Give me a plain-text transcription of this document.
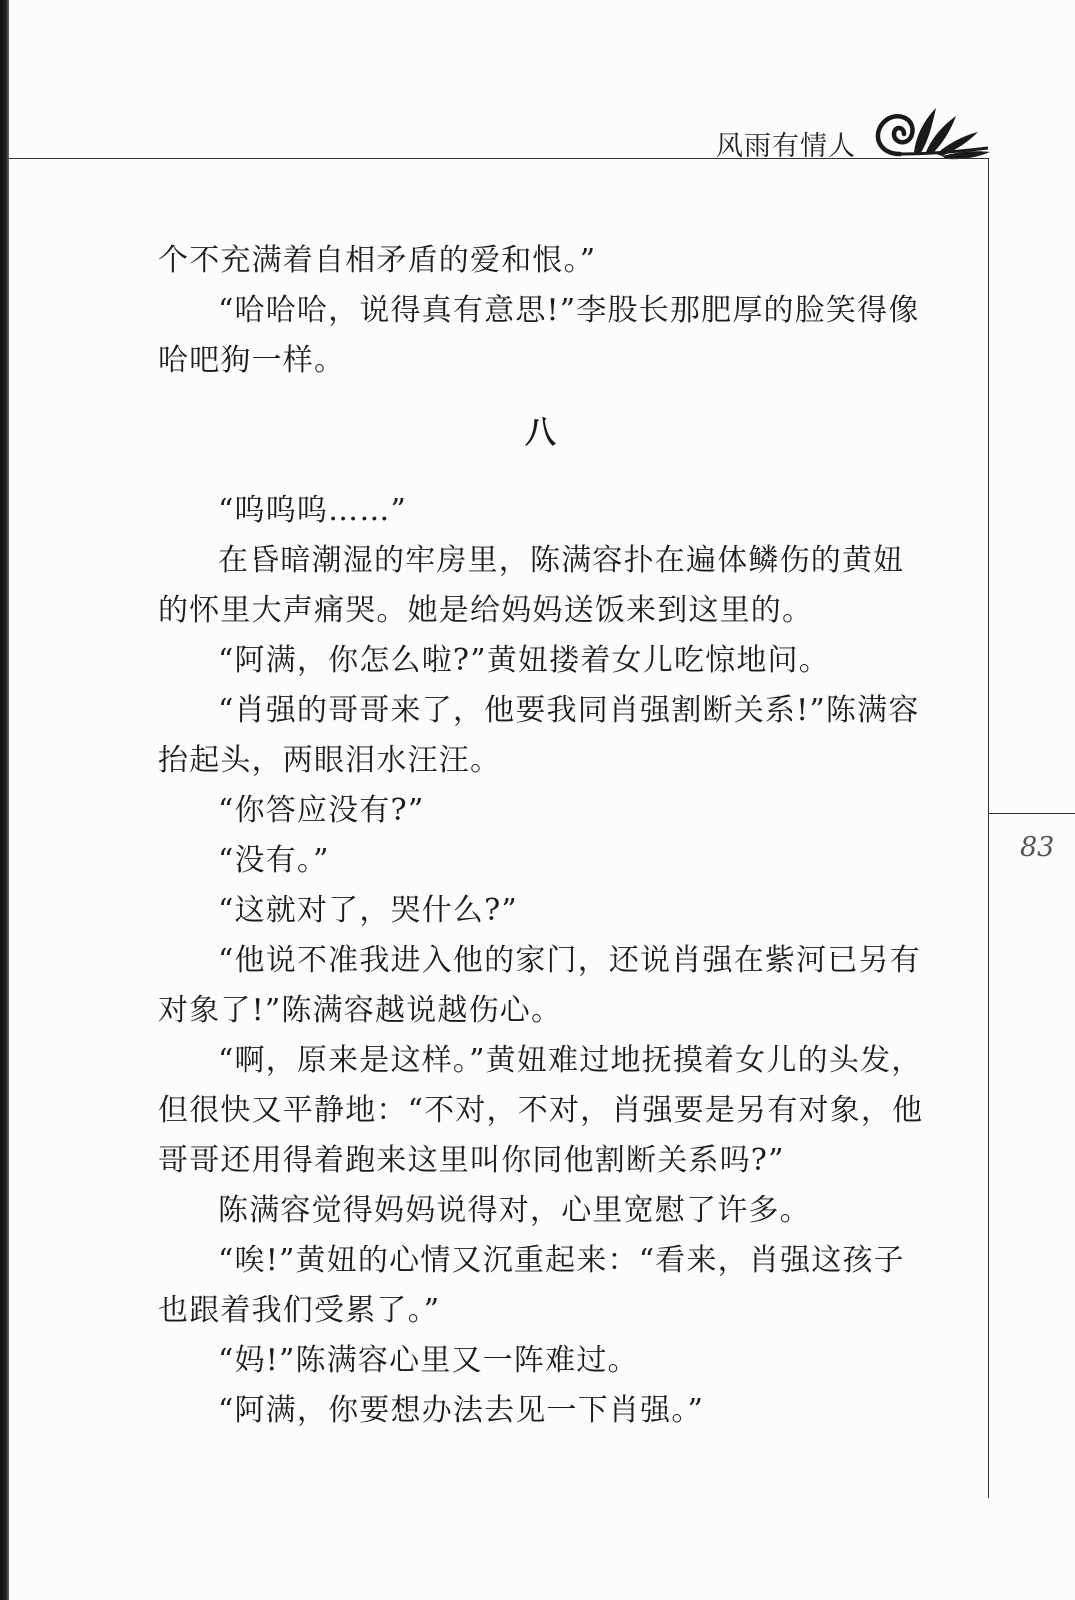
风雨有情人
83

个不充满着自相矛盾的爱和恨。”

“哈哈哈，说得真有意思!”李股长那肥厚的脸笑得像哈吧狗一样。

八

“呜呜呜……”

在昏暗潮湿的牢房里，陈满容扑在遍体鳞伤的黄妞的怀里大声痛哭。她是给妈妈送饭来到这里的。

“阿满，你怎么啦?”黄妞搂着女儿吃惊地问。

“肖强的哥哥来了，他要我同肖强割断关系!”陈满容抬起头，两眼泪水汪汪。

“你答应没有?”

“没有。”

“这就对了，哭什么?”

“他说不准我进入他的家门，还说肖强在紫河已另有对象了!”陈满容越说越伤心。

“啊，原来是这样。”黄妞难过地抚摸着女儿的头发，但很快又平静地：“不对，不对，肖强要是另有对象，他哥哥还用得着跑来这里叫你同他割断关系吗?”

陈满容觉得妈妈说得对，心里宽慰了许多。

“唉!”黄妞的心情又沉重起来：“看来，肖强这孩子也跟着我们受累了。”

“妈!”陈满容心里又一阵难过。

“阿满，你要想办法去见一下肖强。”
